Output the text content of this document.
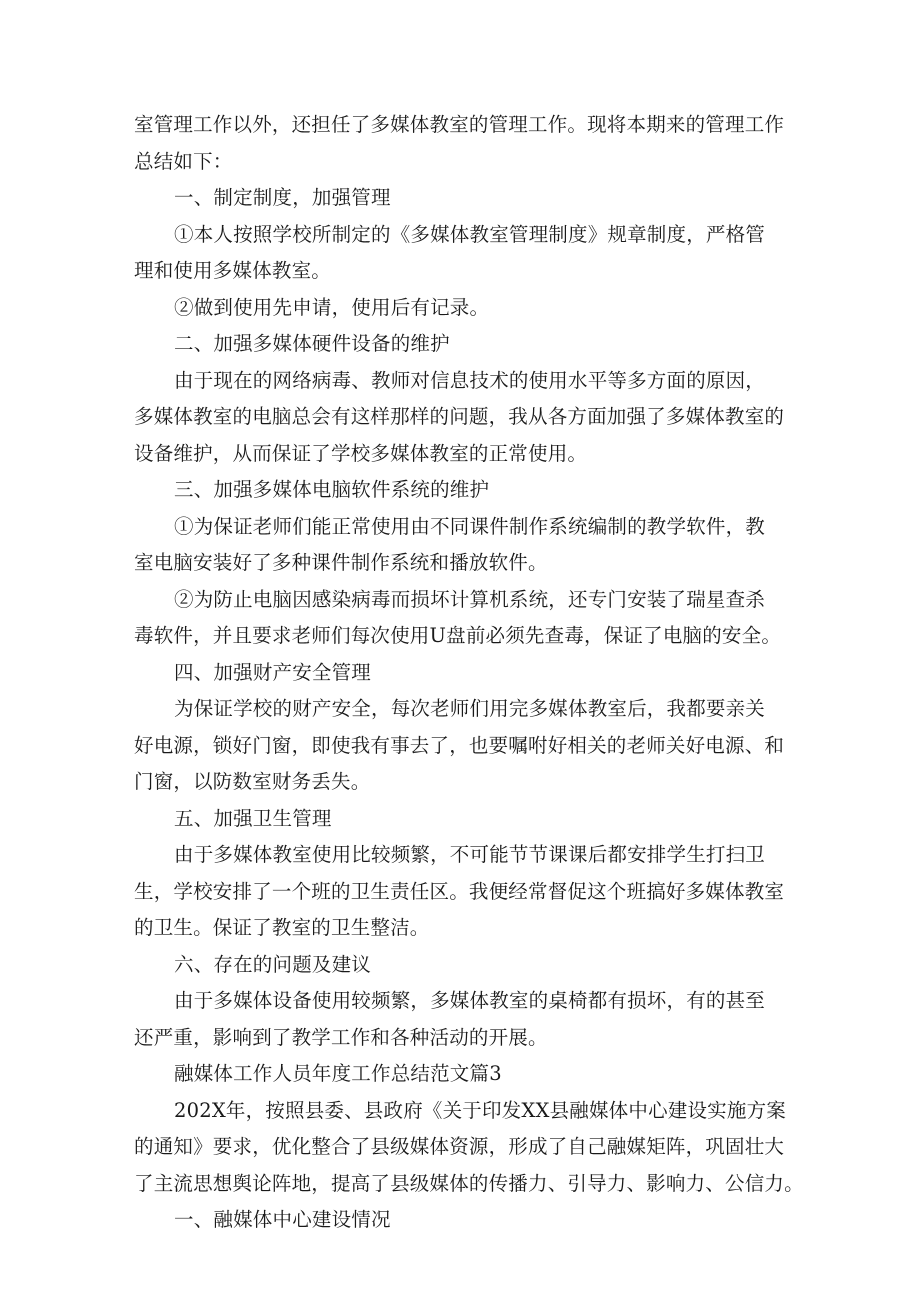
室管理工作以外，还担任了多媒体教室的管理工作。现将本期来的管理工作
总结如下：
一、制定制度，加强管理
①本人按照学校所制定的《多媒体教室管理制度》规章制度，严格管
理和使用多媒体教室。
②做到使用先申请，使用后有记录。
二、加强多媒体硬件设备的维护
由于现在的网络病毒、教师对信息技术的使用水平等多方面的原因，
多媒体教室的电脑总会有这样那样的问题，我从各方面加强了多媒体教室的
设备维护，从而保证了学校多媒体教室的正常使用。
三、加强多媒体电脑软件系统的维护
①为保证老师们能正常使用由不同课件制作系统编制的教学软件，教
室电脑安装好了多种课件制作系统和播放软件。
②为防止电脑因感染病毒而损坏计算机系统，还专门安装了瑞星查杀
毒软件，并且要求老师们每次使用U盘前必须先查毒，保证了电脑的安全。
四、加强财产安全管理
为保证学校的财产安全，每次老师们用完多媒体教室后，我都要亲关
好电源，锁好门窗，即使我有事去了，也要嘱咐好相关的老师关好电源、和
门窗，以防数室财务丢失。
五、加强卫生管理
由于多媒体教室使用比较频繁，不可能节节课课后都安排学生打扫卫
生，学校安排了一个班的卫生责任区。我便经常督促这个班搞好多媒体教室
的卫生。保证了教室的卫生整洁。
六、存在的问题及建议
由于多媒体设备使用较频繁，多媒体教室的桌椅都有损坏，有的甚至
还严重，影响到了教学工作和各种活动的开展。
融媒体工作人员年度工作总结范文篇3
202X年，按照县委、县政府《关于印发XX县融媒体中心建设实施方案
的通知》要求，优化整合了县级媒体资源，形成了自己融媒矩阵，巩固壮大
了主流思想舆论阵地，提高了县级媒体的传播力、引导力、影响力、公信力。
一、融媒体中心建设情况
